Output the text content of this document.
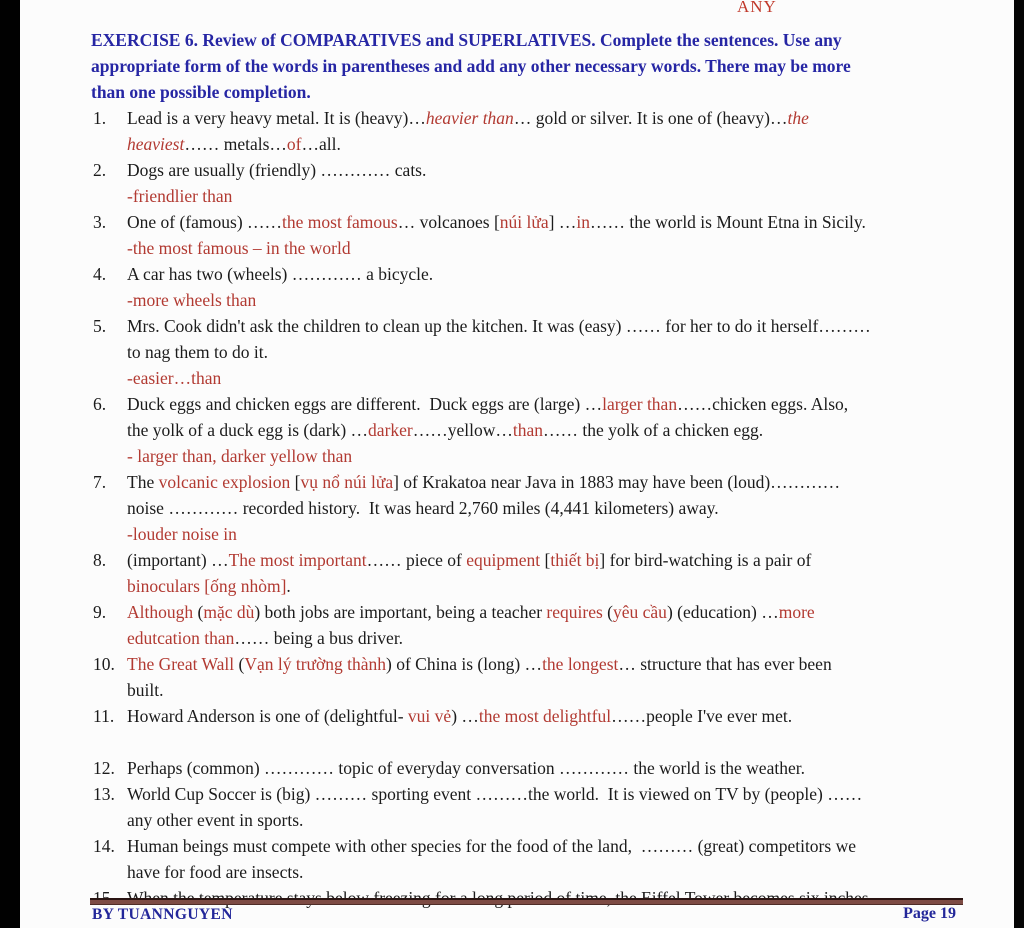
ANY
EXERCISE 6. Review of COMPARATIVES and SUPERLATIVES. Complete the sentences. Use any
appropriate form of the words in parentheses and add any other necessary words. There may be more
than one possible completion.
1. Lead is a very heavy metal. It is (heavy)…heavier than… gold or silver. It is one of (heavy)…the
heaviest…… metals…of…all.
2. Dogs are usually (friendly) ………… cats.
-friendlier than
3. One of (famous) ……the most famous… volcanoes [núi lửa] …in…… the world is Mount Etna in Sicily.
-the most famous – in the world
4. A car has two (wheels) ………… a bicycle.
-more wheels than
5. Mrs. Cook didn't ask the children to clean up the kitchen. It was (easy) …… for her to do it herself………
to nag them to do it.
-easier…than
6. Duck eggs and chicken eggs are different.  Duck eggs are (large) …larger than……chicken eggs. Also,
the yolk of a duck egg is (dark) …darker……yellow…than…… the yolk of a chicken egg.
- larger than, darker yellow than
7. The volcanic explosion [vụ nổ núi lửa] of Krakatoa near Java in 1883 may have been (loud)…………
noise ………… recorded history.  It was heard 2,760 miles (4,441 kilometers) away.
-louder noise in
8. (important) …The most important…… piece of equipment [thiết bị] for bird-watching is a pair of
binoculars [ống nhòm].
9. Although (mặc dù) both jobs are important, being a teacher requires (yêu cầu) (education) …more
edutcation than…… being a bus driver.
10. The Great Wall (Vạn lý trường thành) of China is (long) …the longest… structure that has ever been
built.
11. Howard Anderson is one of (delightful- vui vẻ) …the most delightful……people I've ever met.
12. Perhaps (common) ………… topic of everyday conversation ………… the world is the weather.
13. World Cup Soccer is (big) ……… sporting event ………the world.  It is viewed on TV by (people) ……
any other event in sports.
14. Human beings must compete with other species for the food of the land,  ……… (great) competitors we
have for food are insects.
BY TUANNGUYEN	Page 19
